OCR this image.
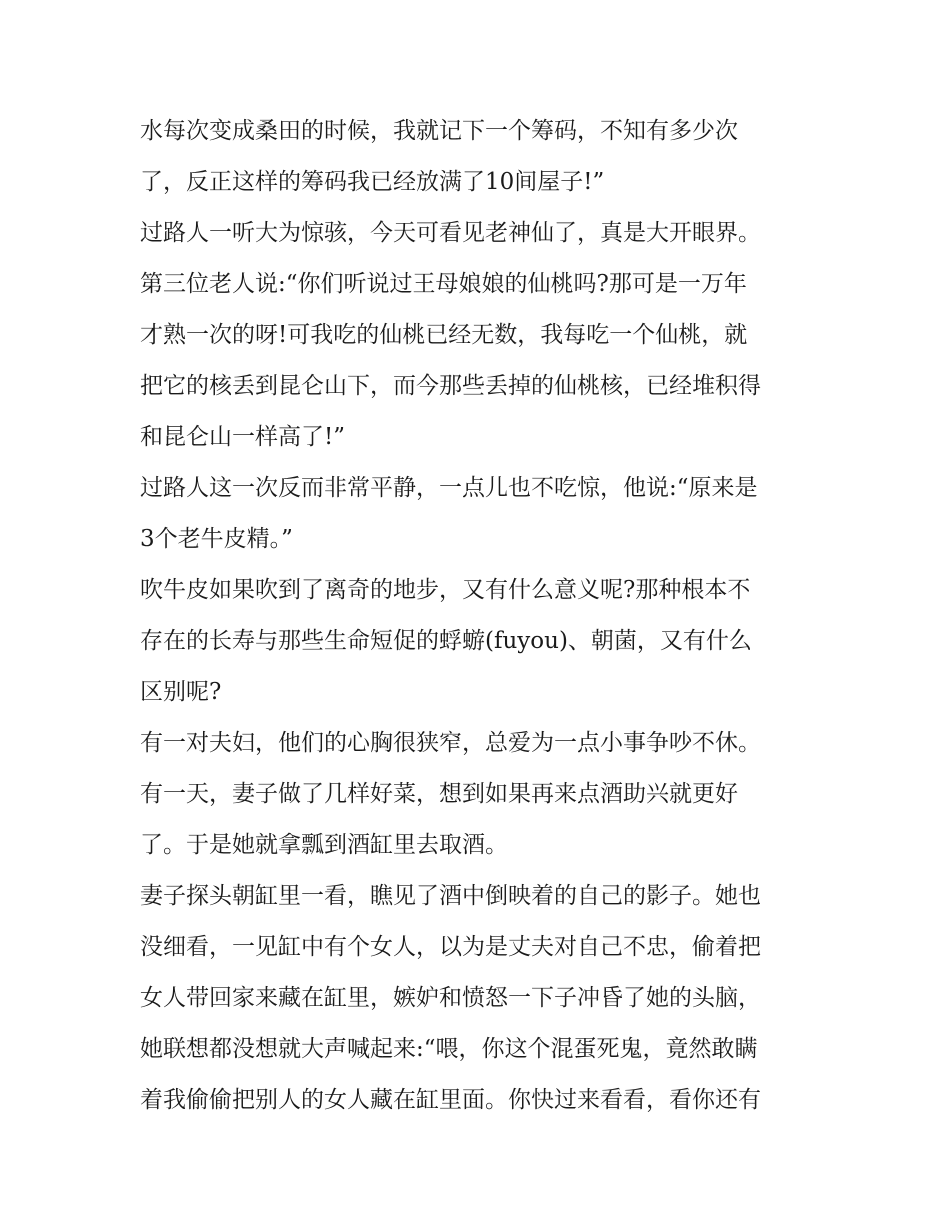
水每次变成桑田的时候，我就记下一个筹码，不知有多少次
了，反正这样的筹码我已经放满了10间屋子!”
过路人一听大为惊骇，今天可看见老神仙了，真是大开眼界。
第三位老人说:“你们听说过王母娘娘的仙桃吗?那可是一万年
才熟一次的呀!可我吃的仙桃已经无数，我每吃一个仙桃，就
把它的核丢到昆仑山下，而今那些丢掉的仙桃核，已经堆积得
和昆仑山一样高了!”
过路人这一次反而非常平静，一点儿也不吃惊，他说:“原来是
3个老牛皮精。”
吹牛皮如果吹到了离奇的地步，又有什么意义呢?那种根本不
存在的长寿与那些生命短促的蜉蝣(fuyou)、朝菌，又有什么
区别呢?
有一对夫妇，他们的心胸很狭窄，总爱为一点小事争吵不休。
有一天，妻子做了几样好菜，想到如果再来点酒助兴就更好
了。于是她就拿瓢到酒缸里去取酒。
妻子探头朝缸里一看，瞧见了酒中倒映着的自己的影子。她也
没细看，一见缸中有个女人，以为是丈夫对自己不忠，偷着把
女人带回家来藏在缸里，嫉妒和愤怒一下子冲昏了她的头脑，
她联想都没想就大声喊起来:“喂，你这个混蛋死鬼，竟然敢瞒
着我偷偷把别人的女人藏在缸里面。你快过来看看，看你还有
